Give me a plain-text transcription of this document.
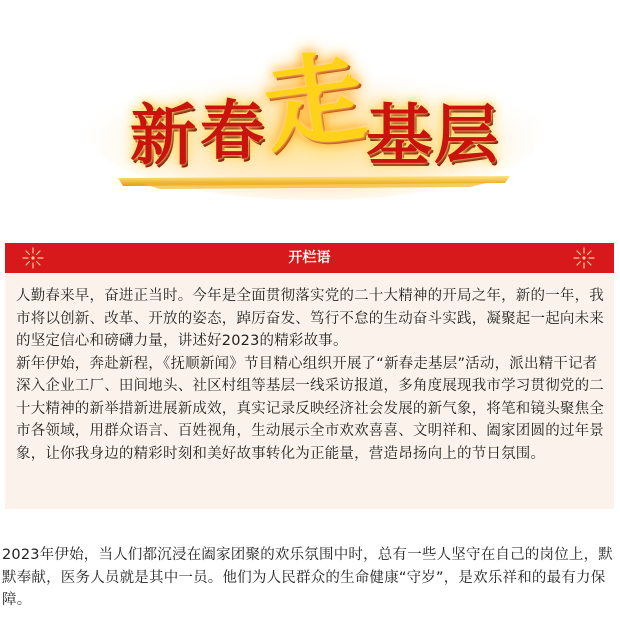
新 春
走
基 层
开栏语

人勤春来早，奋进正当时。今年是全面贯彻落实党的二十大精神的开局之年，新的一年，我市将以创新、改革、开放的姿态，踔厉奋发、笃行不怠的生动奋斗实践，凝聚起一起向未来的坚定信心和磅礴力量，讲述好2023的精彩故事。

新年伊始，奔赴新程，《抚顺新闻》节目精心组织开展了“新春走基层”活动，派出精干记者深入企业工厂、田间地头、社区村组等基层一线采访报道，多角度展现我市学习贯彻党的二十大精神的新举措新进展新成效，真实记录反映经济社会发展的新气象，将笔和镜头聚焦全市各领域，用群众语言、百姓视角，生动展示全市欢欢喜喜、文明祥和、阖家团圆的过年景象，让你我身边的精彩时刻和美好故事转化为正能量，营造昂扬向上的节日氛围。

2023年伊始，当人们都沉浸在阖家团聚的欢乐氛围中时，总有一些人坚守在自己的岗位上，默默奉献，医务人员就是其中一员。他们为人民群众的生命健康“守岁”，是欢乐祥和的最有力保障。
